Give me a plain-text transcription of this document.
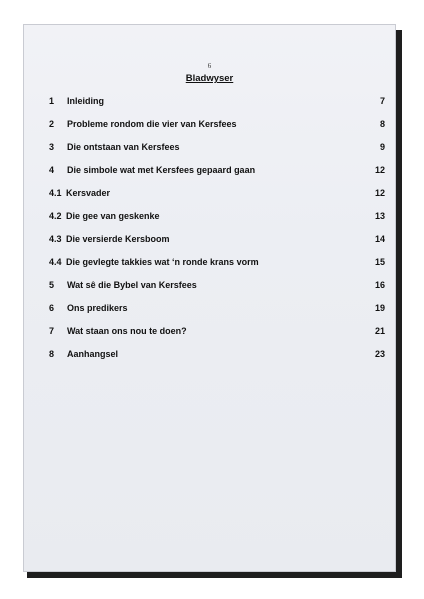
6
Bladwyser
1 Inleiding	7
2 Probleme rondom die vier van Kersfees	8
3 Die ontstaan van Kersfees	9
4 Die simbole wat met Kersfees gepaard gaan	12
4.1 Kersvader	12
4.2 Die gee van geskenke	13
4.3 Die versierde Kersboom	14
4.4 Die gevlegte takkies wat ‘n ronde krans vorm	15
5 Wat sê die Bybel van Kersfees	16
6 Ons predikers	19
7 Wat staan ons nou te doen?	21
8 Aanhangsel	23
